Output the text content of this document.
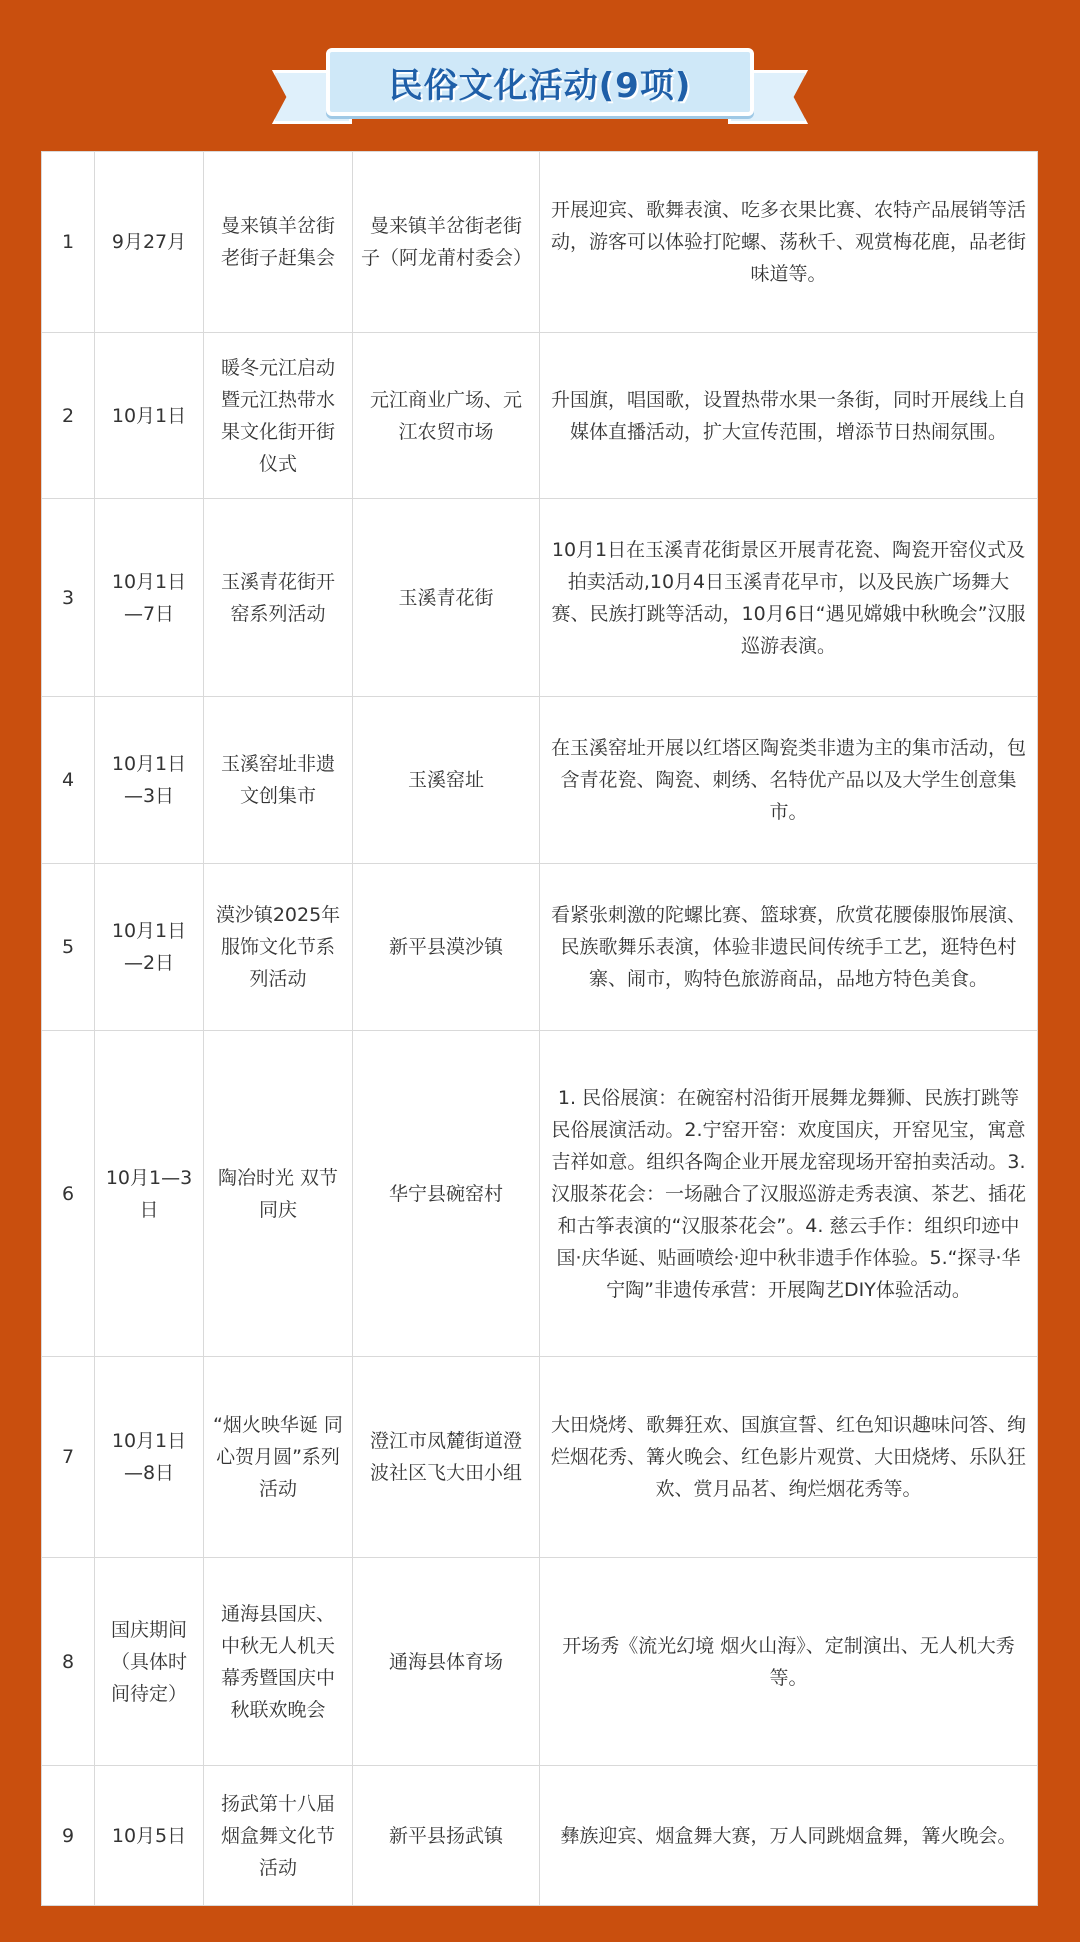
民俗文化活动(9项)
1	9月27月	曼来镇羊岔街老街子赶集会	曼来镇羊岔街老街子（阿龙莆村委会）	开展迎宾、歌舞表演、吃多衣果比赛、农特产品展销等活动，游客可以体验打陀螺、荡秋千、观赏梅花鹿，品老街味道等。
2	10月1日	暖冬元江启动暨元江热带水果文化街开街仪式	元江商业广场、元江农贸市场	升国旗，唱国歌，设置热带水果一条街，同时开展线上自媒体直播活动，扩大宣传范围，增添节日热闹氛围。
3	10月1日—7日	玉溪青花街开窑系列活动	玉溪青花街	10月1日在玉溪青花街景区开展青花瓷、陶瓷开窑仪式及拍卖活动,10月4日玉溪青花早市，以及民族广场舞大赛、民族打跳等活动，10月6日“遇见嫦娥中秋晚会”汉服巡游表演。
4	10月1日—3日	玉溪窑址非遗文创集市	玉溪窑址	在玉溪窑址开展以红塔区陶瓷类非遗为主的集市活动，包含青花瓷、陶瓷、刺绣、名特优产品以及大学生创意集市。
5	10月1日—2日	漠沙镇2025年服饰文化节系列活动	新平县漠沙镇	看紧张刺激的陀螺比赛、篮球赛，欣赏花腰傣服饰展演、民族歌舞乐表演，体验非遗民间传统手工艺，逛特色村寨、闹市，购特色旅游商品，品地方特色美食。
6	10月1—3日	陶冶时光 双节同庆	华宁县碗窑村	1. 民俗展演：在碗窑村沿街开展舞龙舞狮、民族打跳等民俗展演活动。2.宁窑开窑：欢度国庆，开窑见宝，寓意吉祥如意。组织各陶企业开展龙窑现场开窑拍卖活动。3. 汉服茶花会：一场融合了汉服巡游走秀表演、茶艺、插花和古筝表演的“汉服茶花会”。4. 慈云手作：组织印迹中国·庆华诞、贴画喷绘·迎中秋非遗手作体验。5.“探寻·华宁陶”非遗传承营：开展陶艺DIY体验活动。
7	10月1日—8日	“烟火映华诞 同心贺月圆”系列活动	澄江市凤麓街道澄波社区飞大田小组	大田烧烤、歌舞狂欢、国旗宣誓、红色知识趣味问答、绚烂烟花秀、篝火晚会、红色影片观赏、大田烧烤、乐队狂欢、赏月品茗、绚烂烟花秀等。
8	国庆期间（具体时间待定）	通海县国庆、中秋无人机天幕秀暨国庆中秋联欢晚会	通海县体育场	开场秀《流光幻境 烟火山海》、定制演出、无人机大秀等。
9	10月5日	扬武第十八届烟盒舞文化节活动	新平县扬武镇	彝族迎宾、烟盒舞大赛，万人同跳烟盒舞，篝火晚会。
